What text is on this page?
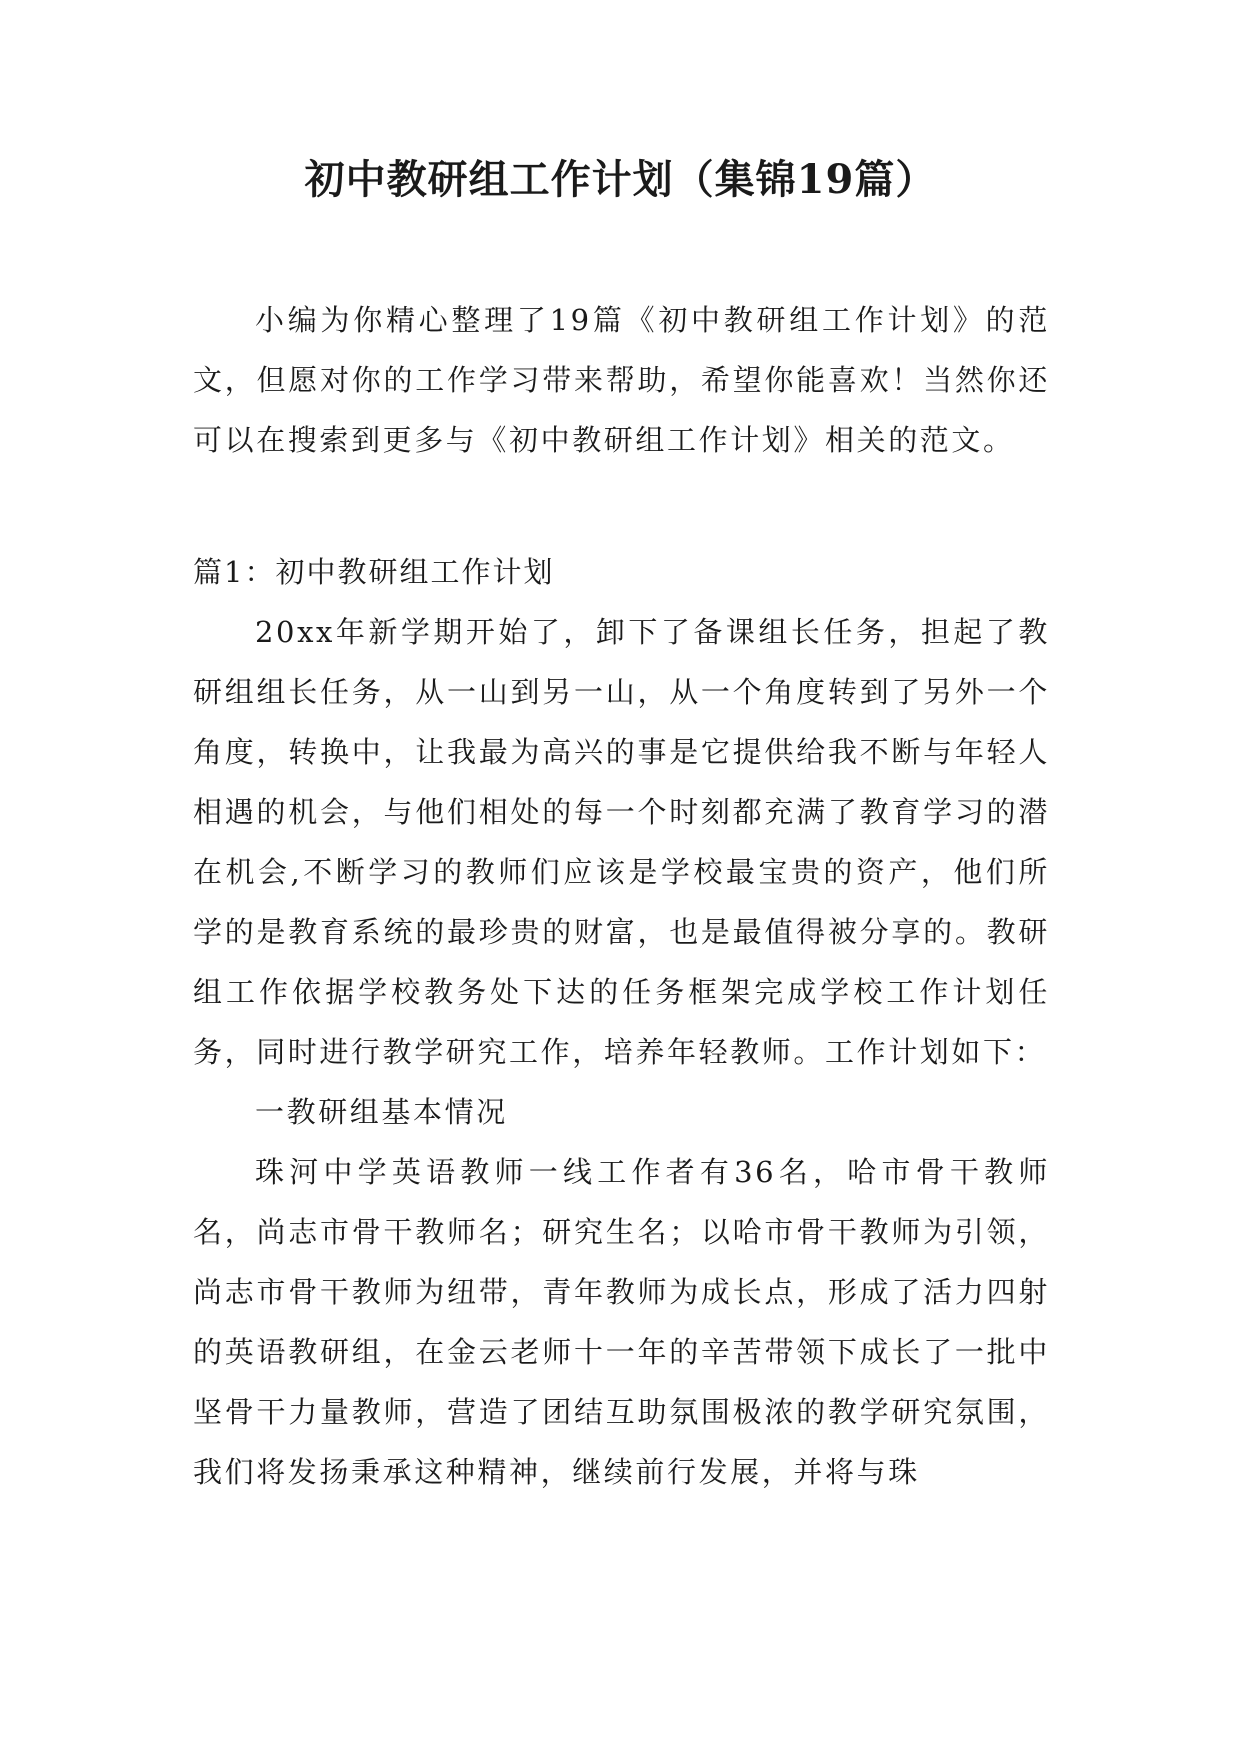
初中教研组工作计划（集锦19篇）

小编为你精心整理了19篇《初中教研组工作计划》的范文，但愿对你的工作学习带来帮助，希望你能喜欢！当然你还可以在搜索到更多与《初中教研组工作计划》相关的范文。

篇1：初中教研组工作计划

20xx年新学期开始了，卸下了备课组长任务，担起了教研组组长任务，从一山到另一山，从一个角度转到了另外一个角度，转换中，让我最为高兴的事是它提供给我不断与年轻人相遇的机会，与他们相处的每一个时刻都充满了教育学习的潜在机会,不断学习的教师们应该是学校最宝贵的资产，他们所学的是教育系统的最珍贵的财富，也是最值得被分享的。教研组工作依据学校教务处下达的任务框架完成学校工作计划任务，同时进行教学研究工作，培养年轻教师。工作计划如下：

一教研组基本情况

珠河中学英语教师一线工作者有36名，哈市骨干教师名，尚志市骨干教师名；研究生名；以哈市骨干教师为引领，尚志市骨干教师为纽带，青年教师为成长点，形成了活力四射的英语教研组，在金云老师十一年的辛苦带领下成长了一批中坚骨干力量教师，营造了团结互助氛围极浓的教学研究氛围，我们将发扬秉承这种精神，继续前行发展，并将与珠
